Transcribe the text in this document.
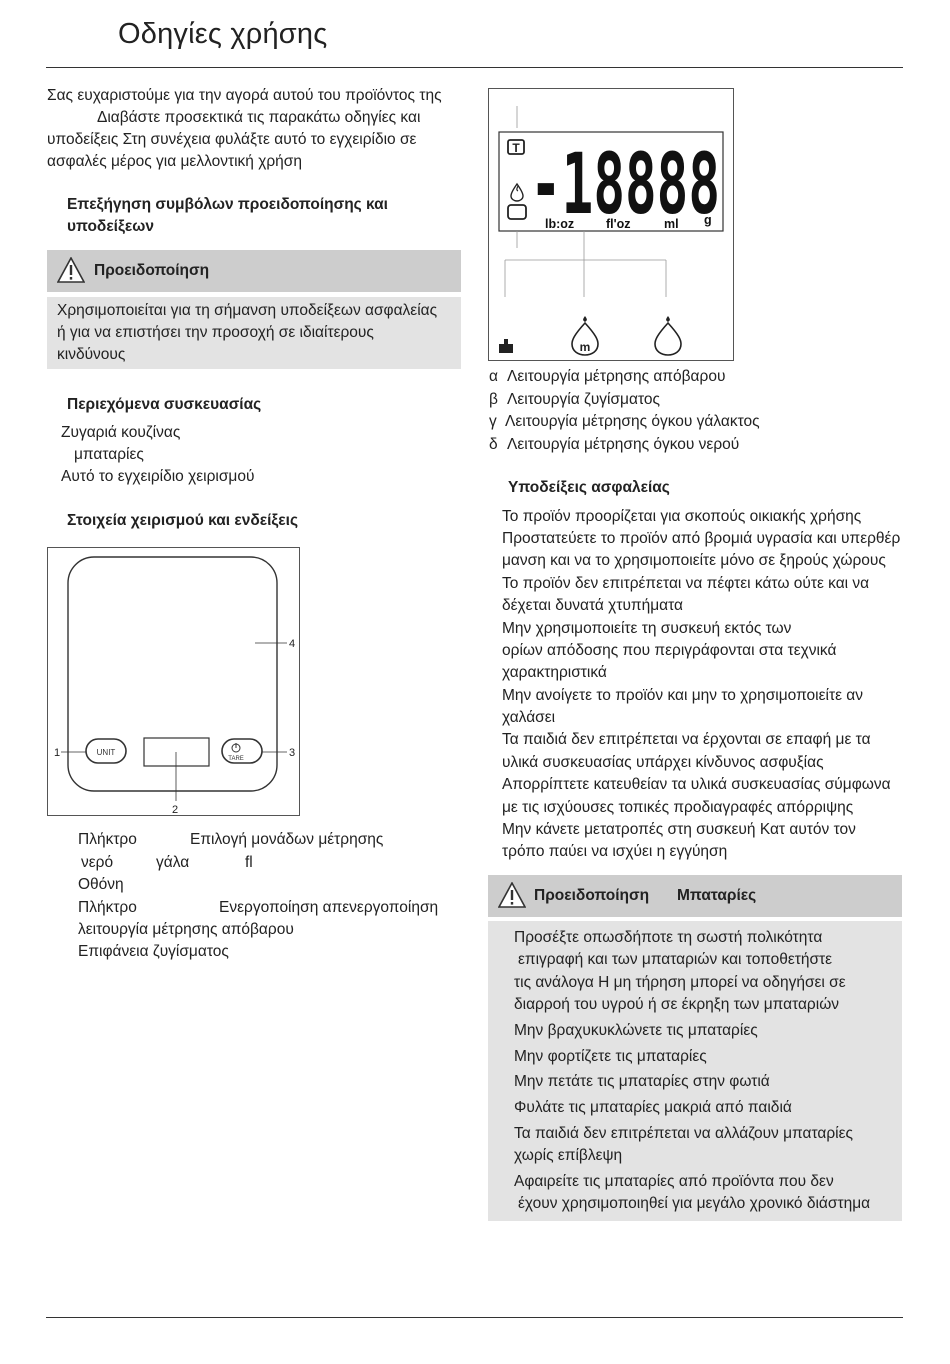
Οδηγίες χρήσης
Σας ευχαριστούμε για την αγορά αυτού του προϊόντος της
Διαβάστε προσεκτικά τις παρακάτω οδηγίες και
υποδείξεις Στη συνέχεια φυλάξτε αυτό το εγχειρίδιο σε
ασφαλές μέρος για μελλοντική χρήση
Επεξήγηση συμβόλων προειδοποίησης και
υποδείξεων
Προειδοποίηση
Χρησιμοποιείται για τη σήμανση υποδείξεων ασφαλείας
ή για να επιστήσει την προσοχή σε ιδιαίτερους
κινδύνους
Περιεχόμενα συσκευασίας
Ζυγαριά κουζίνας
μπαταρίες
Αυτό το εγχειρίδιο χειρισμού
Στοιχεία χειρισμού και ενδείξεις
UNIT
TARE
1
2
3
4
Πλήκτρο	Επιλογή μονάδων μέτρησης
νερό	γάλα	fl
Οθόνη
Πλήκτρο	Ενεργοποίηση απενεργοποίηση
λειτουργία μέτρησης απόβαρου
Επιφάνεια ζυγίσματος
T -18888
lb:oz	fl'oz	ml g
m
α Λειτουργία μέτρησης απόβαρου
β Λειτουργία ζυγίσματος
γ Λειτουργία μέτρησης όγκου γάλακτος
δ Λειτουργία μέτρησης όγκου νερού
Υποδείξεις ασφαλείας
Το προϊόν προορίζεται για σκοπούς οικιακής χρήσης
Προστατεύετε το προϊόν από βρομιά υγρασία και υπερθέρ
μανση και να το χρησιμοποιείτε μόνο σε ξηρούς χώρους
Το προϊόν δεν επιτρέπεται να πέφτει κάτω ούτε και να
δέχεται δυνατά χτυπήματα
Μην χρησιμοποιείτε τη συσκευή εκτός των
ορίων απόδοσης που περιγράφονται στα τεχνικά
χαρακτηριστικά
Μην ανοίγετε το προϊόν και μην το χρησιμοποιείτε αν
χαλάσει
Τα παιδιά δεν επιτρέπεται να έρχονται σε επαφή με τα
υλικά συσκευασίας υπάρχει κίνδυνος ασφυξίας
Απορρίπτετε κατευθείαν τα υλικά συσκευασίας σύμφωνα
με τις ισχύουσες τοπικές προδιαγραφές απόρριψης
Μην κάνετε μετατροπές στη συσκευή Κατ αυτόν τον
τρόπο παύει να ισχύει η εγγύηση
Προειδοποίηση Μπαταρίες
Προσέξτε οπωσδήποτε τη σωστή πολικότητα
επιγραφή και των μπαταριών και τοποθετήστε
τις ανάλογα Η μη τήρηση μπορεί να οδηγήσει σε
διαρροή του υγρού ή σε έκρηξη των μπαταριών
Μην βραχυκυκλώνετε τις μπαταρίες
Μην φορτίζετε τις μπαταρίες
Μην πετάτε τις μπαταρίες στην φωτιά
Φυλάτε τις μπαταρίες μακριά από παιδιά
Τα παιδιά δεν επιτρέπεται να αλλάζουν μπαταρίες
χωρίς επίβλεψη
Αφαιρείτε τις μπαταρίες από προϊόντα που δεν
έχουν χρησιμοποιηθεί για μεγάλο χρονικό διάστημα
